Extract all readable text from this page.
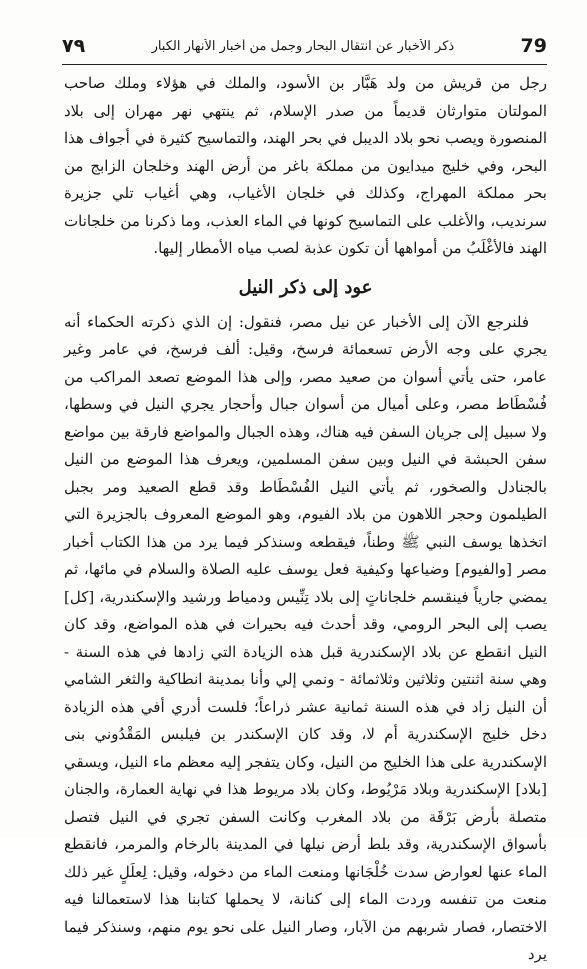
79
ذكر الأخبار عن انتقال البحار وجمل من أخبار الأنهار الكبار
٧٩

رجل من قريش من ولد هَبَّار بن الأسود، والملك في هؤلاء وملك صاحب المولتان متوارثان قديماً من صدر الإسلام، ثم ينتهي نهر مهران إلى بلاد المنصورة ويصب نحو بلاد الديبل في بحر الهند، والتماسيح كثيرة في أجواف هذا البحر، وفي خليج ميدايون من مملكة باغر من أرض الهند وخلجان الزابج من بحر مملكة المهراج، وكذلك في خلجان الأغياب، وهي أغياب تلي جزيرة سرنديب، والأغلب على التماسيح كونها في الماء العذب، وما ذكرنا من خلجانات الهند فالأغْلَبُ من أمواهها أن تكون عذبة لصب مياه الأمطار إليها.

عود إلى ذكر النيل

فلنرجع الآن إلى الأخبار عن نيل مصر، فنقول: إن الذي ذكرته الحكماء أنه يجري على وجه الأرض تسعمائة فرسخ، وقيل: ألف فرسخ، في عامر وغير عامر، حتى يأتي أسوان من صعيد مصر، وإلى هذا الموضع تصعد المراكب من فُسْطَاط مصر، وعلى أميال من أسوان جبال وأحجار يجري النيل في وسطها، ولا سبيل إلى جريان السفن فيه هناك، وهذه الجبال والمواضع فارقة بين مواضع سفن الحبشة في النيل وبين سفن المسلمين، ويعرف هذا الموضع من النيل بالجنادل والصخور، ثم يأتي النيل الفُسْطَاط وقد قطع الصعيد ومر بجبل الطيلمون وحجر اللاهون من بلاد الفيوم، وهو الموضع المعروف بالجزيرة التي اتخذها يوسف النبي ﷺ وطناً، فيقطعه وسنذكر فيما يرد من هذا الكتاب أخبار مصر [والفيوم] وضياعها وكيفية فعل يوسف عليه الصلاة والسلام في مائها، ثم يمضي جارياً فينقسم خلجاناتٍ إلى بلاد تِنِّيس ودمياط ورشيد والإسكندرية، [كل] يصب إلى البحر الرومي، وقد أحدث فيه بحيرات في هذه المواضع، وقد كان النيل انقطع عن بلاد الإسكندرية قبل هذه الزيادة التي زادها في هذه السنة - وهي سنة اثنتين وثلاثين وثلاثمائة - ونمي إلي وأنا بمدينة انطاكية والثغر الشامي أن النيل زاد في هذه السنة ثمانية عشر ذراعاً؛ فلست أدري أفي هذه الزيادة دخل خليج الإسكندرية أم لا، وقد كان الإسكندر بن فيلبس المَقْدُوني بنى الإسكندرية على هذا الخليج من النيل، وكان يتفجر إليه معظم ماء النيل، ويسقي [بلاد] الإسكندرية وبلاد مَرْيُوط، وكان بلاد مريوط هذا في نهاية العمارة، والجنان متصلة بأرض بَرْقَة من بلاد المغرب وكانت السفن تجري في النيل فتصل بأسواق الإسكندرية، وقد بلط أرض نيلها في المدينة بالرخام والمرمر، فانقطع الماء عنها لعوارض سدت خُلْجَانها ومنعت الماء من دخوله، وقيل: لِعلَلٍ غير ذلك منعت من تنفسه وردت الماء إلى كنانة، لا يحملها كتابنا هذا لاستعمالنا فيه الاختصار، فصار شربهم من الآبار، وصار النيل على نحو يوم منهم، وسنذكر فيما يرد
